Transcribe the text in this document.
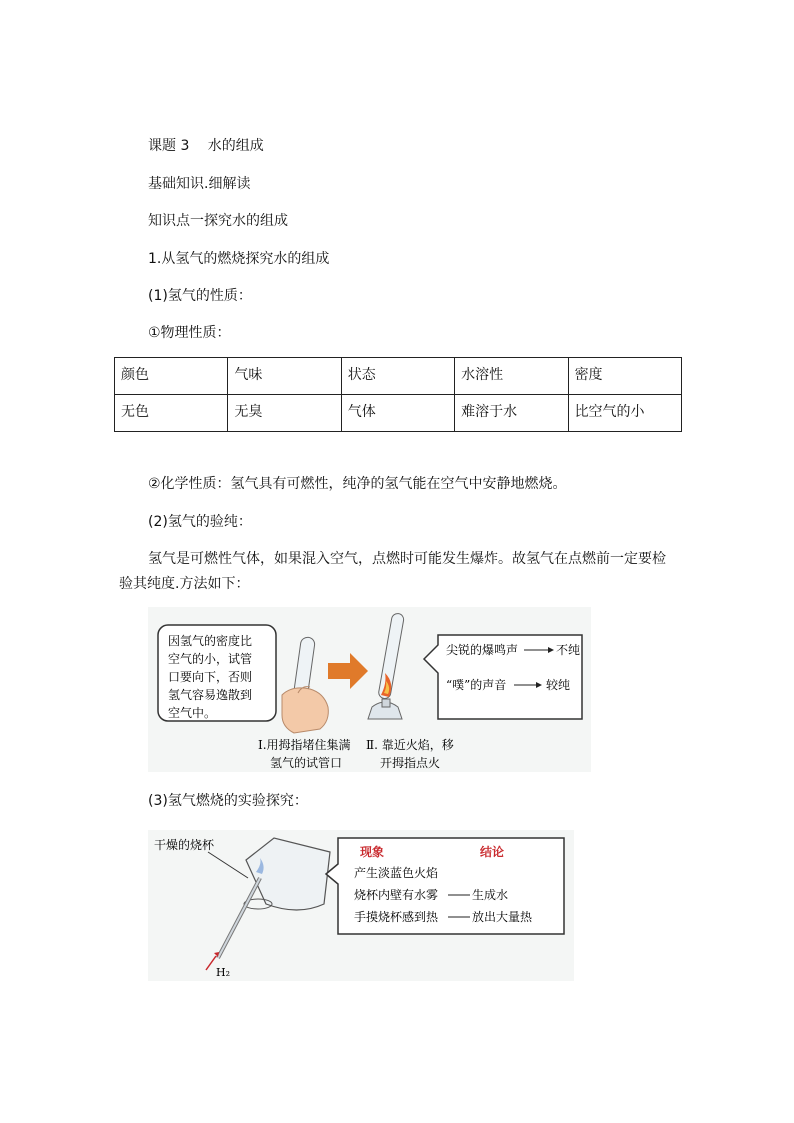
课题 3　 水的组成
基础知识.细解读
知识点一探究水的组成
1.从氢气的燃烧探究水的组成
(1)氢气的性质：
①物理性质：
颜色	气味	状态	水溶性	密度
无色	无臭	气体	难溶于水	比空气的小
②化学性质：氢气具有可燃性，纯净的氢气能在空气中安静地燃烧。
(2)氢气的验纯：
氢气是可燃性气体，如果混入空气，点燃时可能发生爆炸。故氢气在点燃前一定要检
验其纯度.方法如下：
因氢气的密度比
空气的小，试管
口要向下，否则
氢气容易逸散到
空气中。
尖锐的爆鸣声	不纯
“噗”的声音	较纯
Ⅰ.用拇指堵住集满
氢气的试管口
Ⅱ. 靠近火焰，移
开拇指点火
(3)氢气燃烧的实验探究：
干燥的烧杯
H₂
现象	结论
产生淡蓝色火焰
烧杯内壁有水雾	生成水
手摸烧杯感到热	放出大量热
